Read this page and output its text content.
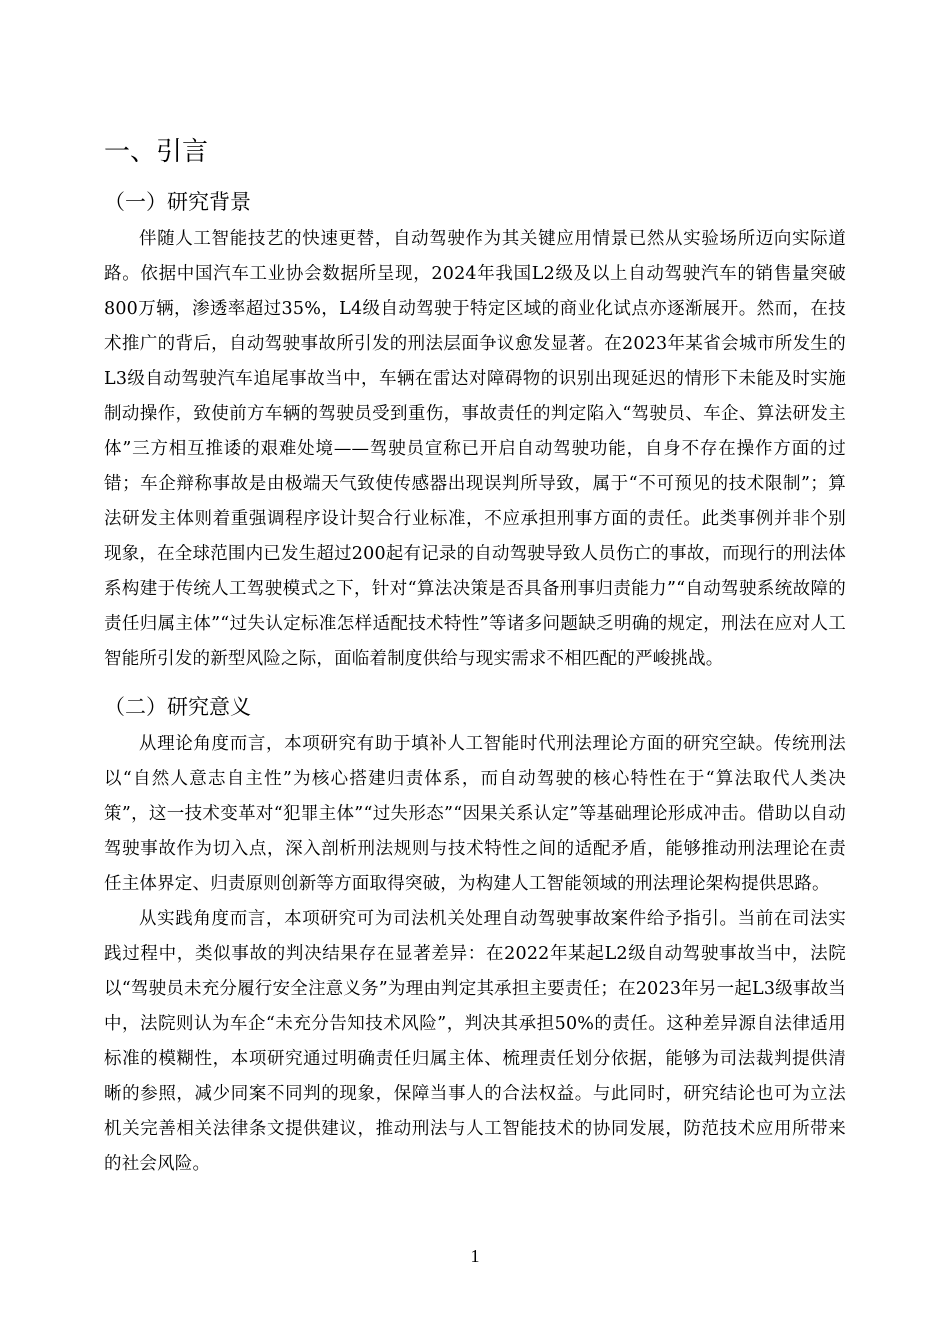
一、引言
（一）研究背景

伴随人工智能技艺的快速更替，自动驾驶作为其关键应用情景已然从实验场所迈向实际道路。依据中国汽车工业协会数据所呈现，2024年我国L2级及以上自动驾驶汽车的销售量突破800万辆，渗透率超过35%，L4级自动驾驶于特定区域的商业化试点亦逐渐展开。然而，在技术推广的背后，自动驾驶事故所引发的刑法层面争议愈发显著。在2023年某省会城市所发生的L3级自动驾驶汽车追尾事故当中，车辆在雷达对障碍物的识别出现延迟的情形下未能及时实施制动操作，致使前方车辆的驾驶员受到重伤，事故责任的判定陷入“驾驶员、车企、算法研发主体”三方相互推诿的艰难处境——驾驶员宣称已开启自动驾驶功能，自身不存在操作方面的过错；车企辩称事故是由极端天气致使传感器出现误判所导致，属于“不可预见的技术限制”；算法研发主体则着重强调程序设计契合行业标准，不应承担刑事方面的责任。此类事例并非个别现象，在全球范围内已发生超过200起有记录的自动驾驶导致人员伤亡的事故，而现行的刑法体系构建于传统人工驾驶模式之下，针对“算法决策是否具备刑事归责能力”“自动驾驶系统故障的责任归属主体”“过失认定标准怎样适配技术特性”等诸多问题缺乏明确的规定，刑法在应对人工智能所引发的新型风险之际，面临着制度供给与现实需求不相匹配的严峻挑战。

（二）研究意义

从理论角度而言，本项研究有助于填补人工智能时代刑法理论方面的研究空缺。传统刑法以“自然人意志自主性”为核心搭建归责体系，而自动驾驶的核心特性在于“算法取代人类决策”，这一技术变革对“犯罪主体”“过失形态”“因果关系认定”等基础理论形成冲击。借助以自动驾驶事故作为切入点，深入剖析刑法规则与技术特性之间的适配矛盾，能够推动刑法理论在责任主体界定、归责原则创新等方面取得突破，为构建人工智能领域的刑法理论架构提供思路。

从实践角度而言，本项研究可为司法机关处理自动驾驶事故案件给予指引。当前在司法实践过程中，类似事故的判决结果存在显著差异：在2022年某起L2级自动驾驶事故当中，法院以“驾驶员未充分履行安全注意义务”为理由判定其承担主要责任；在2023年另一起L3级事故当中，法院则认为车企“未充分告知技术风险”，判决其承担50%的责任。这种差异源自法律适用标准的模糊性，本项研究通过明确责任归属主体、梳理责任划分依据，能够为司法裁判提供清晰的参照，减少同案不同判的现象，保障当事人的合法权益。与此同时，研究结论也可为立法机关完善相关法律条文提供建议，推动刑法与人工智能技术的协同发展，防范技术应用所带来的社会风险。

1
